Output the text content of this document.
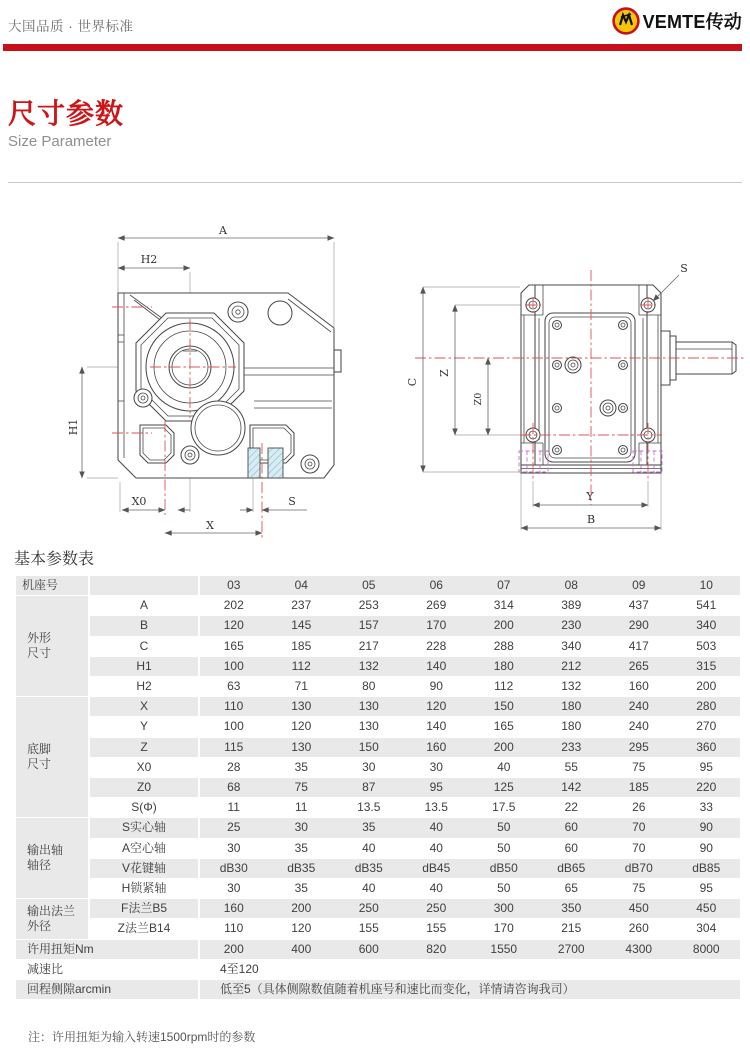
大国品质 · 世界标准	VEMTE传动
尺寸参数
Size Parameter
A
H2
H1
X0
X
S
C
Z
Z0
Y
B
S
基本参数表
机座号		03	04	05	06	07	08	09	10
外形
尺寸	A	202	237	253	269	314	389	437	541
	B	120	145	157	170	200	230	290	340
	C	165	185	217	228	288	340	417	503
	H1	100	112	132	140	180	212	265	315
	H2	63	71	80	90	112	132	160	200
底脚
尺寸	X	110	130	130	120	150	180	240	280
	Y	100	120	130	140	165	180	240	270
	Z	115	130	150	160	200	233	295	360
	X0	28	35	30	30	40	55	75	95
	Z0	68	75	87	95	125	142	185	220
	S(Φ)	11	11	13.5	13.5	17.5	22	26	33
输出轴
轴径	S实心轴	25	30	35	40	50	60	70	90
	A空心轴	30	35	40	40	50	60	70	90
	V花键轴	dB30	dB35	dB35	dB45	dB50	dB65	dB70	dB85
	H锁紧轴	30	35	40	40	50	65	75	95
输出法兰
外径	F法兰B5	160	200	250	250	300	350	450	450
	Z法兰B14	110	120	155	155	170	215	260	304
许用扭矩Nm		200	400	600	820	1550	2700	4300	8000
减速比		4至120							
回程侧隙arcmin		低至5（具体侧隙数值随着机座号和速比而变化，详情请咨询我司）							
注：许用扭矩为输入转速1500rpm时的参数
